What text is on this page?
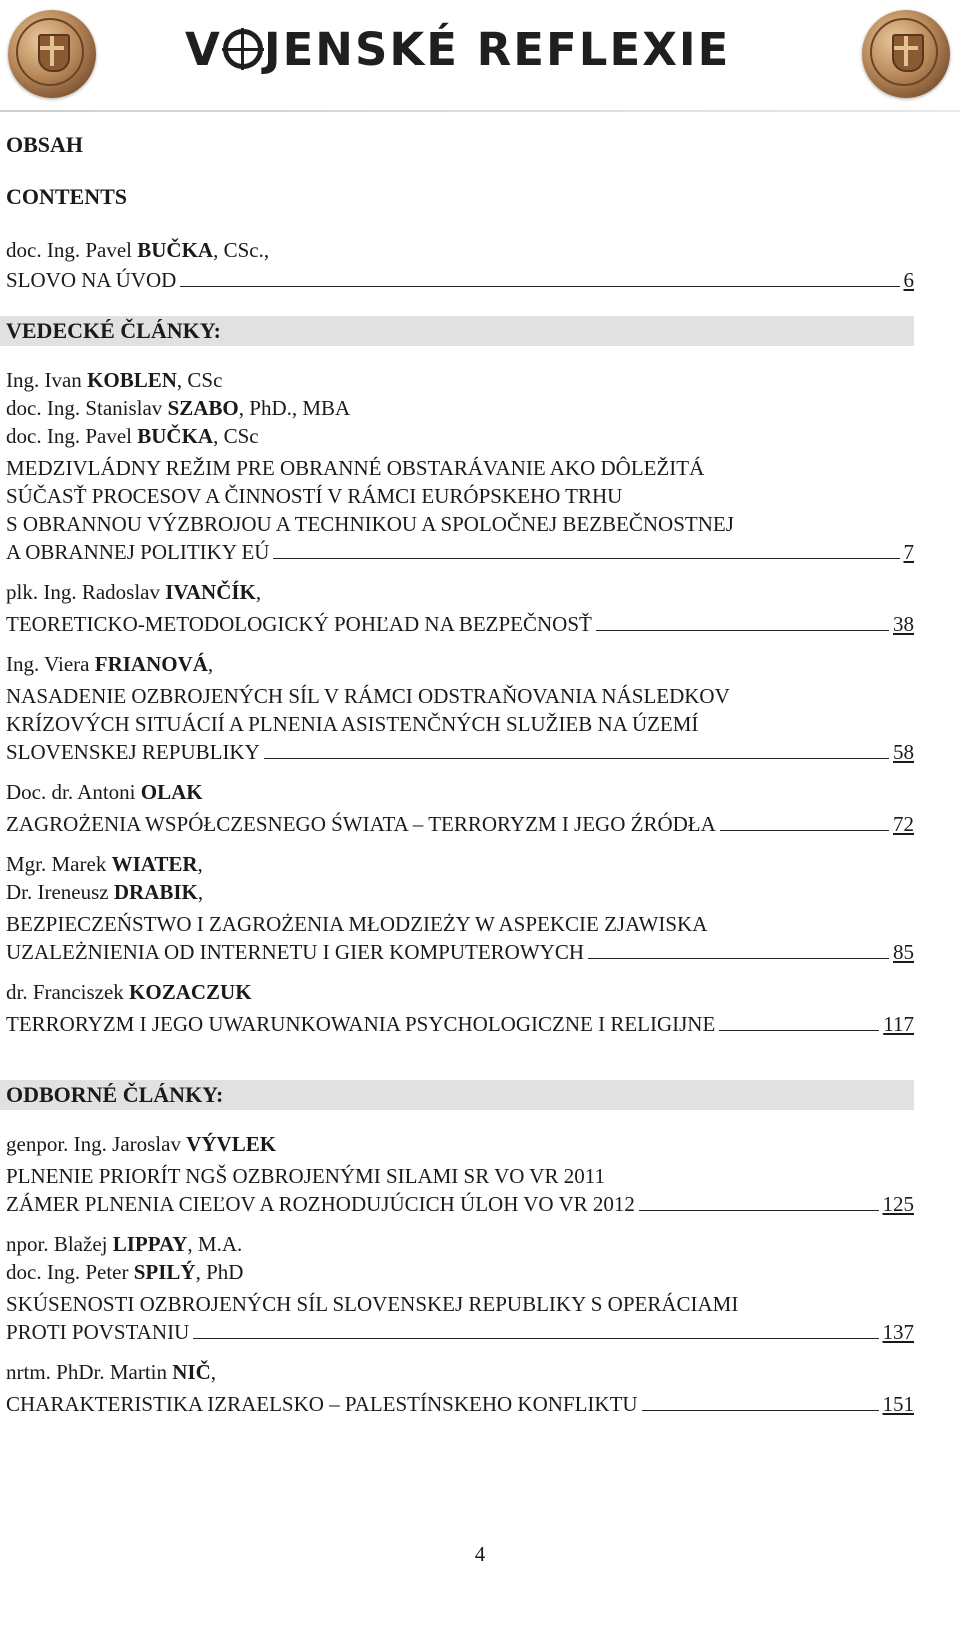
V JENSKÉ REFLEXIE
OBSAH
CONTENTS
doc. Ing. Pavel BUČKA, CSc.,
SLOVO NA ÚVOD	6
VEDECKÉ ČLÁNKY:
Ing. Ivan KOBLEN, CSc
doc. Ing. Stanislav SZABO, PhD., MBA
doc. Ing. Pavel BUČKA, CSc
MEDZIVLÁDNY REŽIM PRE OBRANNÉ OBSTARÁVANIE AKO DÔLEŽITÁ
SÚČASŤ PROCESOV A ČINNOSTÍ V RÁMCI EURÓPSKEHO TRHU
S OBRANNOU VÝZBROJOU A TECHNIKOU A SPOLOČNEJ BEZBEČNOSTNEJ
A OBRANNEJ POLITIKY EÚ	7
plk. Ing. Radoslav IVANČÍK,
TEORETICKO-METODOLOGICKÝ POHĽAD NA BEZPEČNOSŤ	38
Ing. Viera FRIANOVÁ,
NASADENIE OZBROJENÝCH SÍL V RÁMCI ODSTRAŇOVANIA NÁSLEDKOV
KRÍZOVÝCH SITUÁCIÍ A PLNENIA ASISTENČNÝCH SLUŽIEB NA ÚZEMÍ
SLOVENSKEJ REPUBLIKY	58
Doc. dr. Antoni OLAK
ZAGROŻENIA WSPÓŁCZESNEGO ŚWIATA – TERRORYZM I JEGO ŹRÓDŁA	72
Mgr. Marek WIATER,
Dr. Ireneusz DRABIK,
BEZPIECZEŃSTWO I ZAGROŻENIA MŁODZIEŻY W ASPEKCIE ZJAWISKA
UZALEŻNIENIA OD INTERNETU I GIER KOMPUTEROWYCH	85
dr. Franciszek KOZACZUK
TERRORYZM I JEGO UWARUNKOWANIA PSYCHOLOGICZNE I RELIGIJNE	117
ODBORNÉ ČLÁNKY:
genpor. Ing. Jaroslav VÝVLEK
PLNENIE PRIORÍT NGŠ OZBROJENÝMI SILAMI SR VO VR 2011
ZÁMER PLNENIA CIEĽOV A ROZHODUJÚCICH ÚLOH VO VR 2012	125
npor. Blažej LIPPAY, M.A.
doc. Ing. Peter SPILÝ, PhD
SKÚSENOSTI OZBROJENÝCH SÍL SLOVENSKEJ REPUBLIKY S OPERÁCIAMI
PROTI POVSTANIU	137
nrtm. PhDr. Martin NIČ,
CHARAKTERISTIKA IZRAELSKO – PALESTÍNSKEHO KONFLIKTU	151
4
